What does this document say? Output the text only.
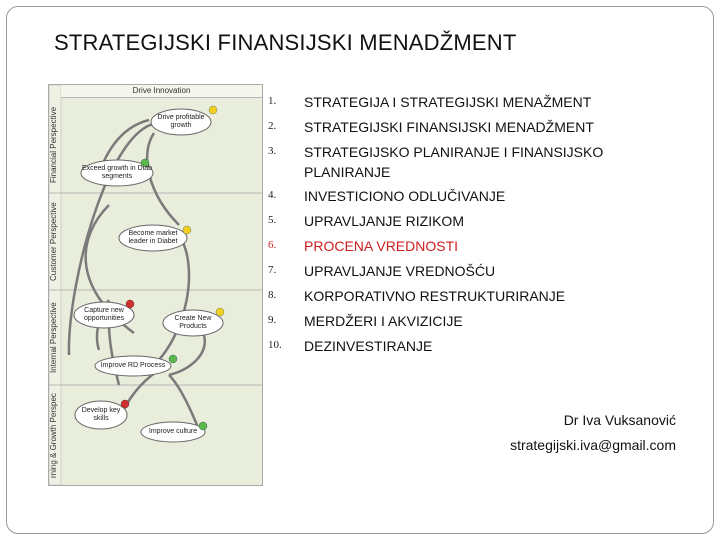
STRATEGIJSKI FINANSIJSKI MENADŽMENT
Drive Innovation
Financial Perspective
Customer Perspective
Internal Perspective
rning & Growth Perspec
Drive profitable growth
Exceed growth in Diab segments
Become market leader in Diabet
Capture new opportunities	Create New Products
Improve RD Process
Develop key skills
Improve culture
1.	STRATEGIJA I STRATEGIJSKI MENAŽMENT
2.	STRATEGIJSKI FINANSIJSKI MENADŽMENT
3.	STRATEGIJSKO PLANIRANJE I FINANSIJSKO
PLANIRANJE
4.	INVESTICIONO ODLUČIVANJE
5.	UPRAVLJANJE RIZIKOM
6.	PROCENA VREDNOSTI
7.	UPRAVLJANJE VREDNOŠĆU
8.	KORPORATIVNO RESTRUKTURIRANJE
9.	MERDŽERI I AKVIZICIJE
10.	DEZINVESTIRANJE
Dr Iva Vuksanović
strategijski.iva@gmail.com
